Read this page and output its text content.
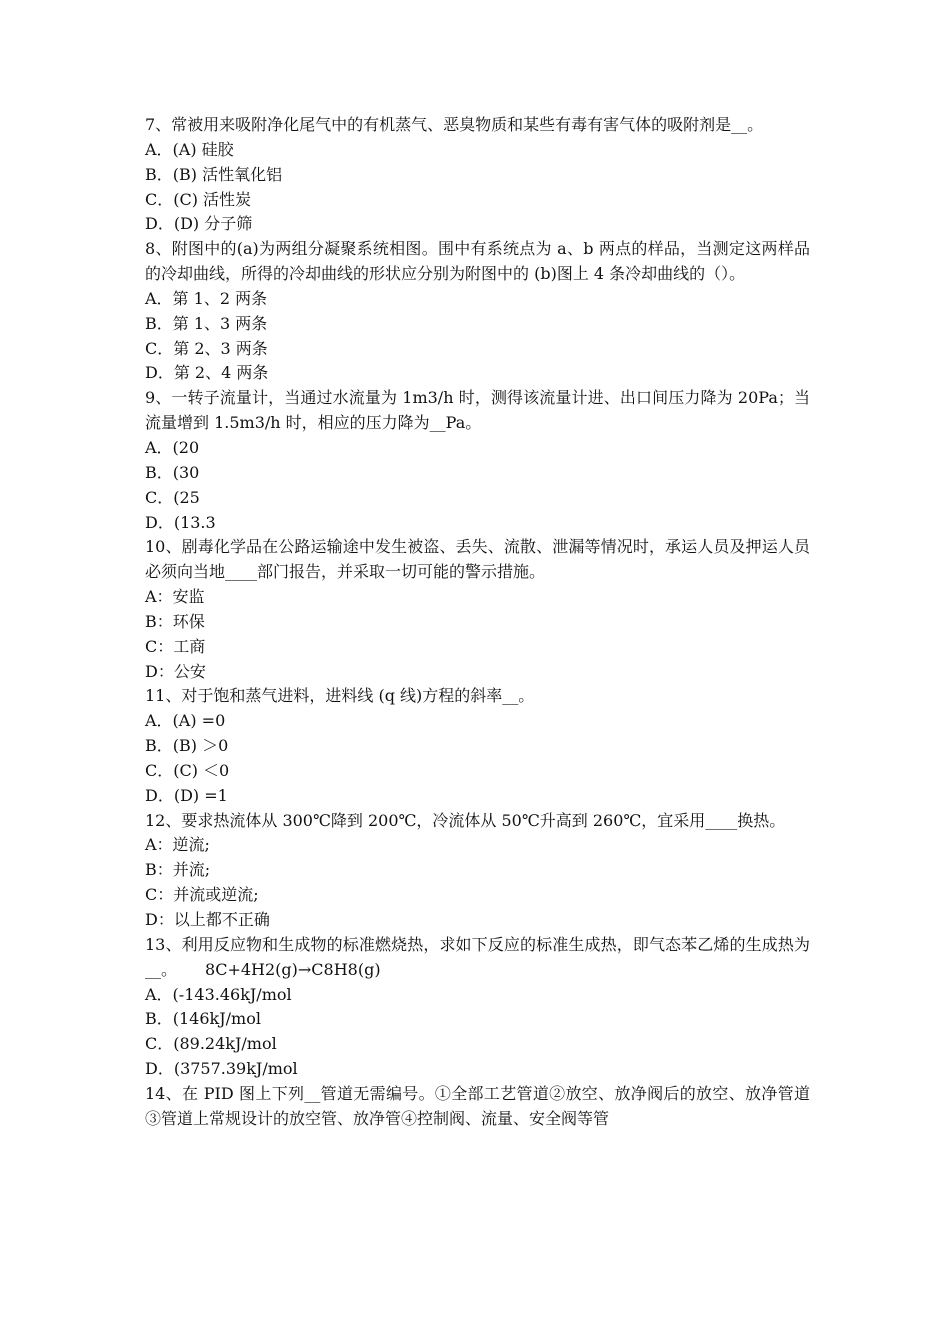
7、常被用来吸附净化尾气中的有机蒸气、恶臭物质和某些有毒有害气体的吸附剂是__。

A．(A) 硅胶

B．(B) 活性氧化铝

C．(C) 活性炭

D．(D) 分子筛

8、附图中的(a)为两组分凝聚系统相图。围中有系统点为 a、b 两点的样品，当测定这两样品的冷却曲线，所得的冷却曲线的形状应分别为附图中的 (b)图上 4 条冷却曲线的（）。

A．第 1、2 两条

B．第 1、3 两条

C．第 2、3 两条

D．第 2、4 两条

9、一转子流量计，当通过水流量为 1m3/h 时，测得该流量计进、出口间压力降为 20Pa；当流量增到 1.5m3/h 时，相应的压力降为__Pa。

A．(20

B．(30

C．(25

D．(13.3

10、剧毒化学品在公路运输途中发生被盗、丢失、流散、泄漏等情况时，承运人员及押运人员必须向当地____部门报告，并采取一切可能的警示措施。

A：安监

B：环保

C：工商

D：公安

11、对于饱和蒸气进料，进料线 (q 线)方程的斜率__。

A．(A) =0

B．(B) ＞0

C．(C) ＜0

D．(D) =1

12、要求热流体从 300℃降到 200℃，冷流体从 50℃升高到 260℃，宜采用____换热。

A：逆流;

B：并流;

C：并流或逆流;

D：以上都不正确

13、利用反应物和生成物的标准燃烧热，求如下反应的标准生成热，即气态苯乙烯的生成热为__。 8C+4H2(g)→C8H8(g)

A．(-143.46kJ/mol

B．(146kJ/mol

C．(89.24kJ/mol

D．(3757.39kJ/mol

14、在 PID 图上下列__管道无需编号。①全部工艺管道②放空、放净阀后的放空、放净管道③管道上常规设计的放空管、放净管④控制阀、流量、安全阀等管
